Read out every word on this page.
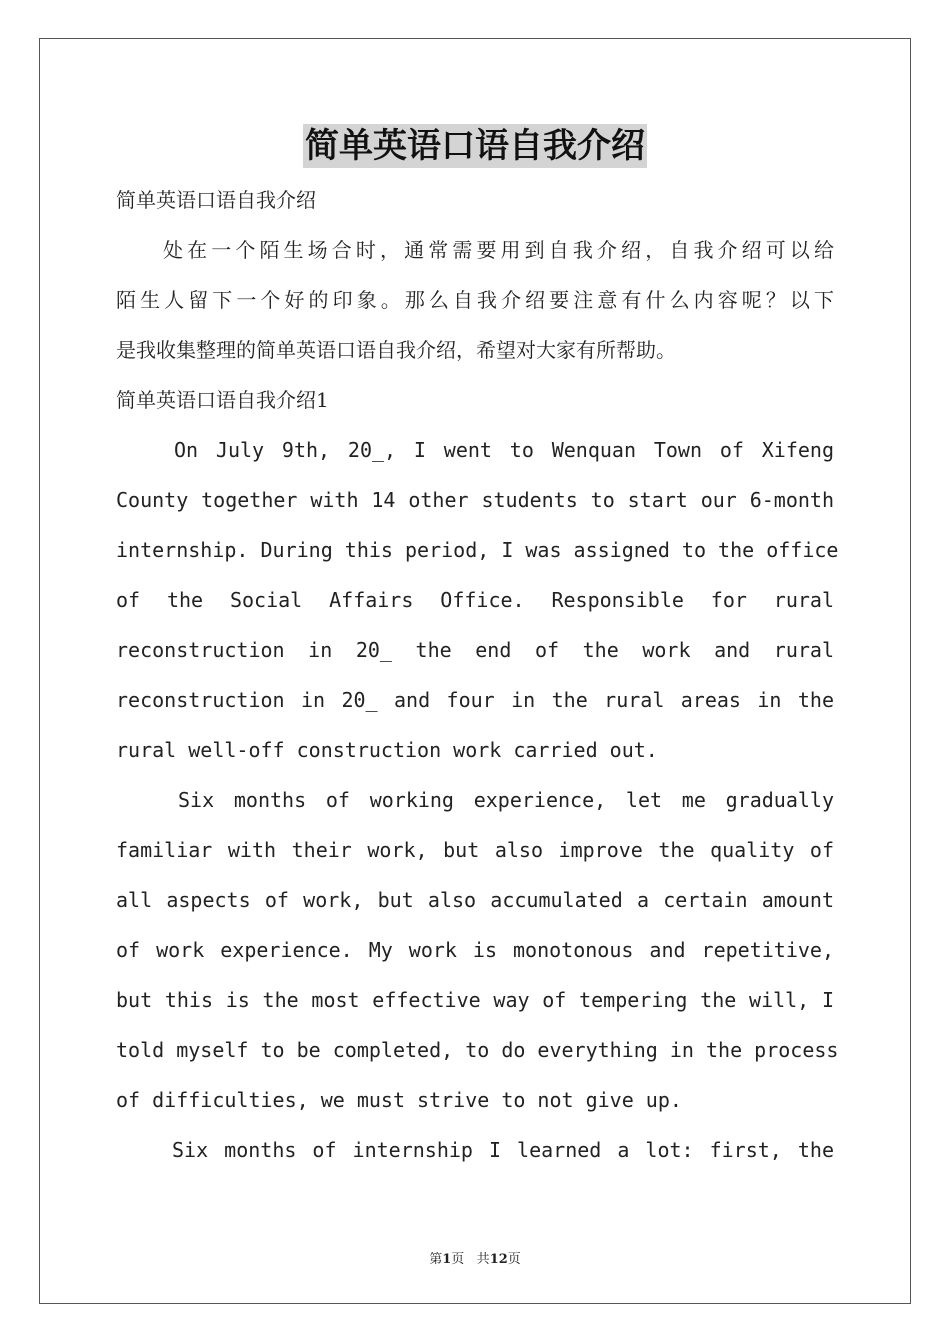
简单英语口语自我介绍
简单英语口语自我介绍
处在一个陌生场合时，通常需要用到自我介绍，自我介绍可以给
陌生人留下一个好的印象。那么自我介绍要注意有什么内容呢？以下
是我收集整理的简单英语口语自我介绍，希望对大家有所帮助。
简单英语口语自我介绍1
On July 9th, 20_, I went to Wenquan Town of Xifeng
County together with 14 other students to start our 6-month
internship. During this period, I was assigned to the office
of the Social Affairs Office. Responsible for rural
reconstruction in 20_ the end of the work and rural
reconstruction in 20_ and four in the rural areas in the
rural well-off construction work carried out.
Six months of working experience, let me gradually
familiar with their work, but also improve the quality of
all aspects of work, but also accumulated a certain amount
of work experience. My work is monotonous and repetitive,
but this is the most effective way of tempering the will, I
told myself to be completed, to do everything in the process
of difficulties, we must strive to not give up.
Six months of internship I learned a lot: first, the
第1页 共12页
